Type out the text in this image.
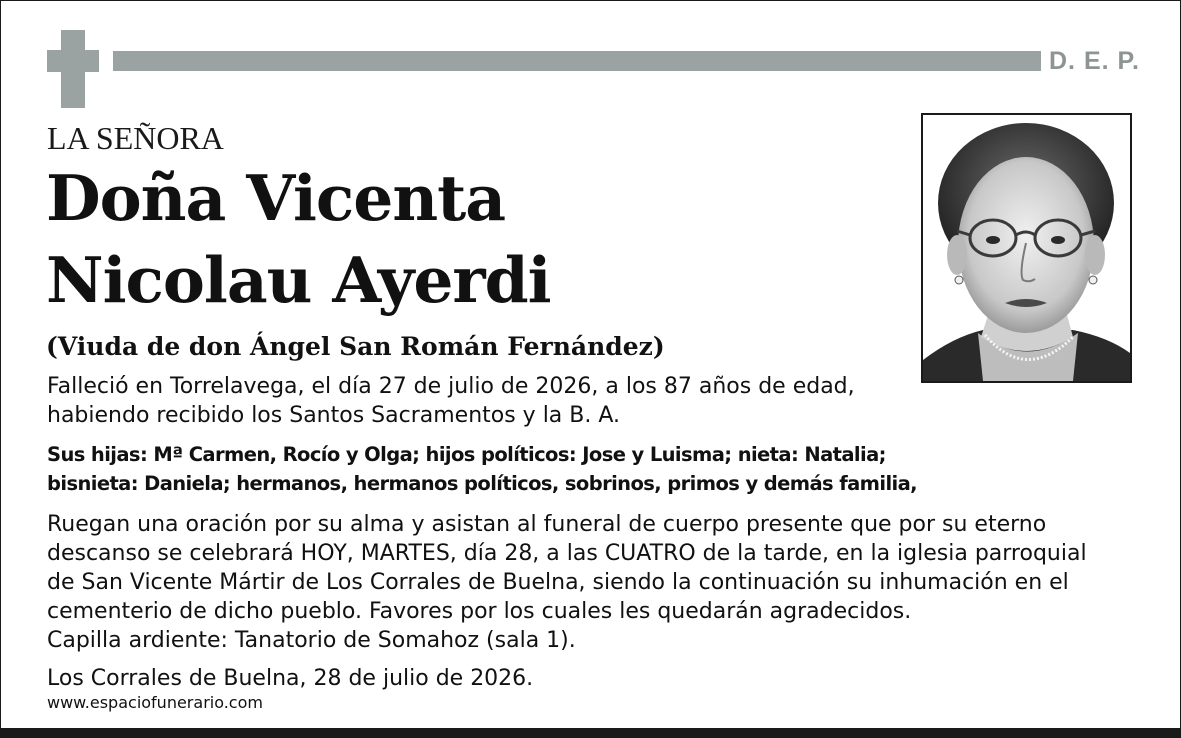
D. E. P.
LA SEÑORA
Doña Vicenta
Nicolau Ayerdi
(Viuda de don Ángel San Román Fernández)
Falleció en Torrelavega, el día 27 de julio de 2026, a los 87 años de edad,
habiendo recibido los Santos Sacramentos y la B. A.
Sus hijas: Mª Carmen, Rocío y Olga; hijos políticos: Jose y Luisma; nieta: Natalia;
bisnieta: Daniela; hermanos, hermanos políticos, sobrinos, primos y demás familia,
Ruegan una oración por su alma y asistan al funeral de cuerpo presente que por su eterno
descanso se celebrará HOY, MARTES, día 28, a las CUATRO de la tarde, en la iglesia parroquial
de San Vicente Mártir de Los Corrales de Buelna, siendo la continuación su inhumación en el
cementerio de dicho pueblo. Favores por los cuales les quedarán agradecidos.
Capilla ardiente: Tanatorio de Somahoz (sala 1).
Los Corrales de Buelna, 28 de julio de 2026.
www.espaciofunerario.com
